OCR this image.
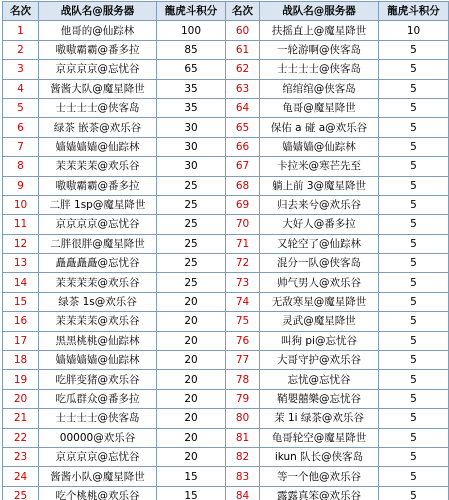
名次	战队名@服务器	龍虎斗积分	名次	战队名@服务器	龍虎斗积分
1	他哥的@仙踪林	100	60	扶摇直上@魔星降世	10
2	嗷嗷霸霸@番多拉	85	61	一轮游啊@侠客岛	5
3	京京京京@忘忧谷	65	62	士士士士@侠客岛	5
4	酱酱大队@魔星降世	35	63	绾绾绾@侠客岛	5
5	士士士士@侠客岛	35	64	龟哥@魔星降世	5
6	绿茶 嵌茶@欢乐谷	30	65	保佑 a 碰 a@欢乐谷	5
7	嫱嫱嫱嫱@仙踪林	30	66	嫱嫱嫱@仙踪林	5
8	茉茉茉茉@欢乐谷	30	67	卡拉米@寒芒先至	5
9	嗷嗷霸霸@番多拉	25	68	躺上前 3@魔星降世	5
10	二胖 1sp@魔星降世	25	69	归去来兮@欢乐谷	5
11	京京京京@忘忧谷	25	70	大好人@番多拉	5
12	二胖很胖@魔星降世	25	71	又轮空了@仙踪林	5
13	矗矗矗矗@忘忧谷	25	72	混分一队@侠客岛	5
14	茉茉茉茉@欢乐谷	25	73	帅气男人@欢乐谷	5
15	绿茶 1s@欢乐谷	20	74	无敌寒星@魔星降世	5
16	茉茉茉茉@欢乐谷	20	75	灵武@魔星降世	5
17	黑黑桃桃@仙踪林	20	76	叫狗 pi@忘忧谷	5
18	嫱嫱嫱嫱@仙踪林	20	77	大哥守护@欢乐谷	5
19	吃胖变猪@欢乐谷	20	78	忘忧@忘忧谷	5
20	吃瓜群众@番多拉	20	79	鞘嬰囍樂@忘忧谷	5
21	士士士士@侠客岛	20	80	茉 1i 绿茶@欢乐谷	5
22	00000@欢乐谷	20	81	龟哥轮空@魔星降世	5
23	京京京京@忘忧谷	20	82	ikun 队长@侠客岛	5
24	酱酱小队@魔星降世	15	83	等一个他@欢乐谷	5
25	吃个桃桃@欢乐谷	15	84	露露真笨@欢乐谷	5
